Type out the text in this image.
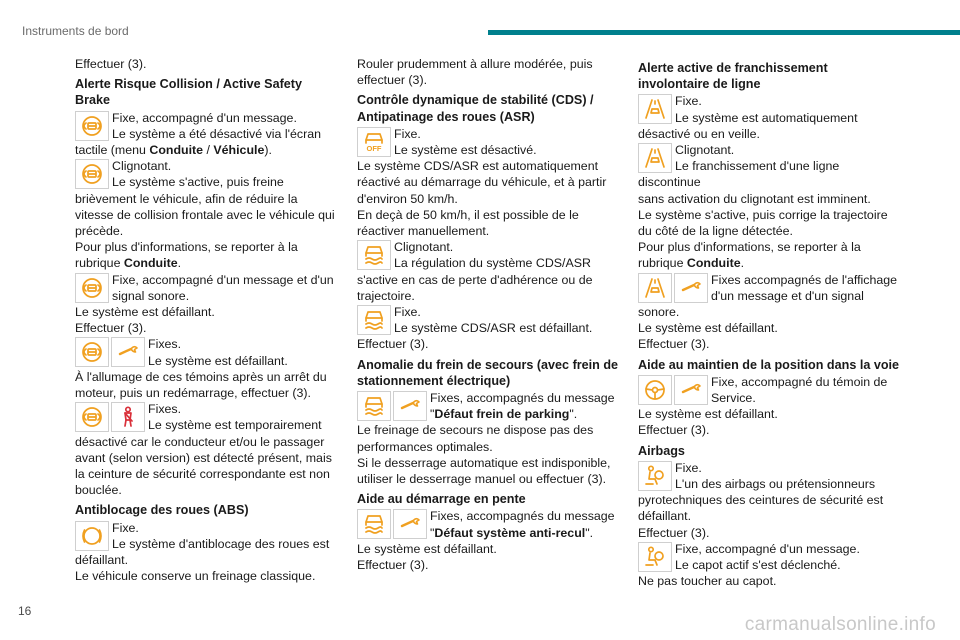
Instruments de bord
Effectuer (3).
Alerte Risque Collision / Active Safety Brake
Fixe, accompagné d'un message.
Le système a été désactivé via l'écran
tactile (menu Conduite / Véhicule).
Clignotant.
Le système s'active, puis freine
brièvement le véhicule, afin de réduire la vitesse de collision frontale avec le véhicule qui précède.
Pour plus d'informations, se reporter à la
rubrique Conduite.
Fixe, accompagné d'un message et d'un
signal sonore.
Le système est défaillant.
Effectuer (3).
Fixes.
Le système est défaillant.
À l'allumage de ces témoins après un arrêt du moteur, puis un redémarrage, effectuer (3).
Fixes.
Le système est temporairement
désactivé car le conducteur et/ou le passager avant (selon version) est détecté présent, mais la ceinture de sécurité correspondante est non bouclée.
Antiblocage des roues (ABS)
Fixe.
Le système d'antiblocage des roues est
défaillant.
Le véhicule conserve un freinage classique.
Rouler prudemment à allure modérée, puis effectuer (3).
Contrôle dynamique de stabilité (CDS) / Antipatinage des roues (ASR)
OFF
Fixe.
Le système est désactivé.
Le système CDS/ASR est automatiquement réactivé au démarrage du véhicule, et à partir d'environ 50 km/h.
En deçà de 50 km/h, il est possible de le réactiver manuellement.
Clignotant.
La régulation du système CDS/ASR
s'active en cas de perte d'adhérence ou de trajectoire.
Fixe.
Le système CDS/ASR est défaillant.
Effectuer (3).
Anomalie du frein de secours (avec frein de stationnement électrique)
Fixes, accompagnés du message
"Défaut frein de parking".
Le freinage de secours ne dispose pas des performances optimales.
Si le desserrage automatique est indisponible, utiliser le desserrage manuel ou effectuer (3).
Aide au démarrage en pente
Fixes, accompagnés du message
"Défaut système anti-recul".
Le système est défaillant.
Effectuer (3).
Alerte active de franchissement involontaire de ligne
Fixe.
Le système est automatiquement
désactivé ou en veille.
Clignotant.
Le franchissement d'une ligne discontinue
sans activation du clignotant est imminent.
Le système s'active, puis corrige la trajectoire du côté de la ligne détectée.
Pour plus d'informations, se reporter à la
rubrique Conduite.
Fixes accompagnés de l'affichage
d'un message et d'un signal
sonore.
Le système est défaillant.
Effectuer (3).
Aide au maintien de la position dans la voie
Fixe, accompagné du témoin de
Service.
Le système est défaillant.
Effectuer (3).
Airbags
Fixe.
L'un des airbags ou prétensionneurs
pyrotechniques des ceintures de sécurité est défaillant.
Effectuer (3).
Fixe, accompagné d'un message.
Le capot actif s'est déclenché.
Ne pas toucher au capot.
16
carmanualsonline.info
